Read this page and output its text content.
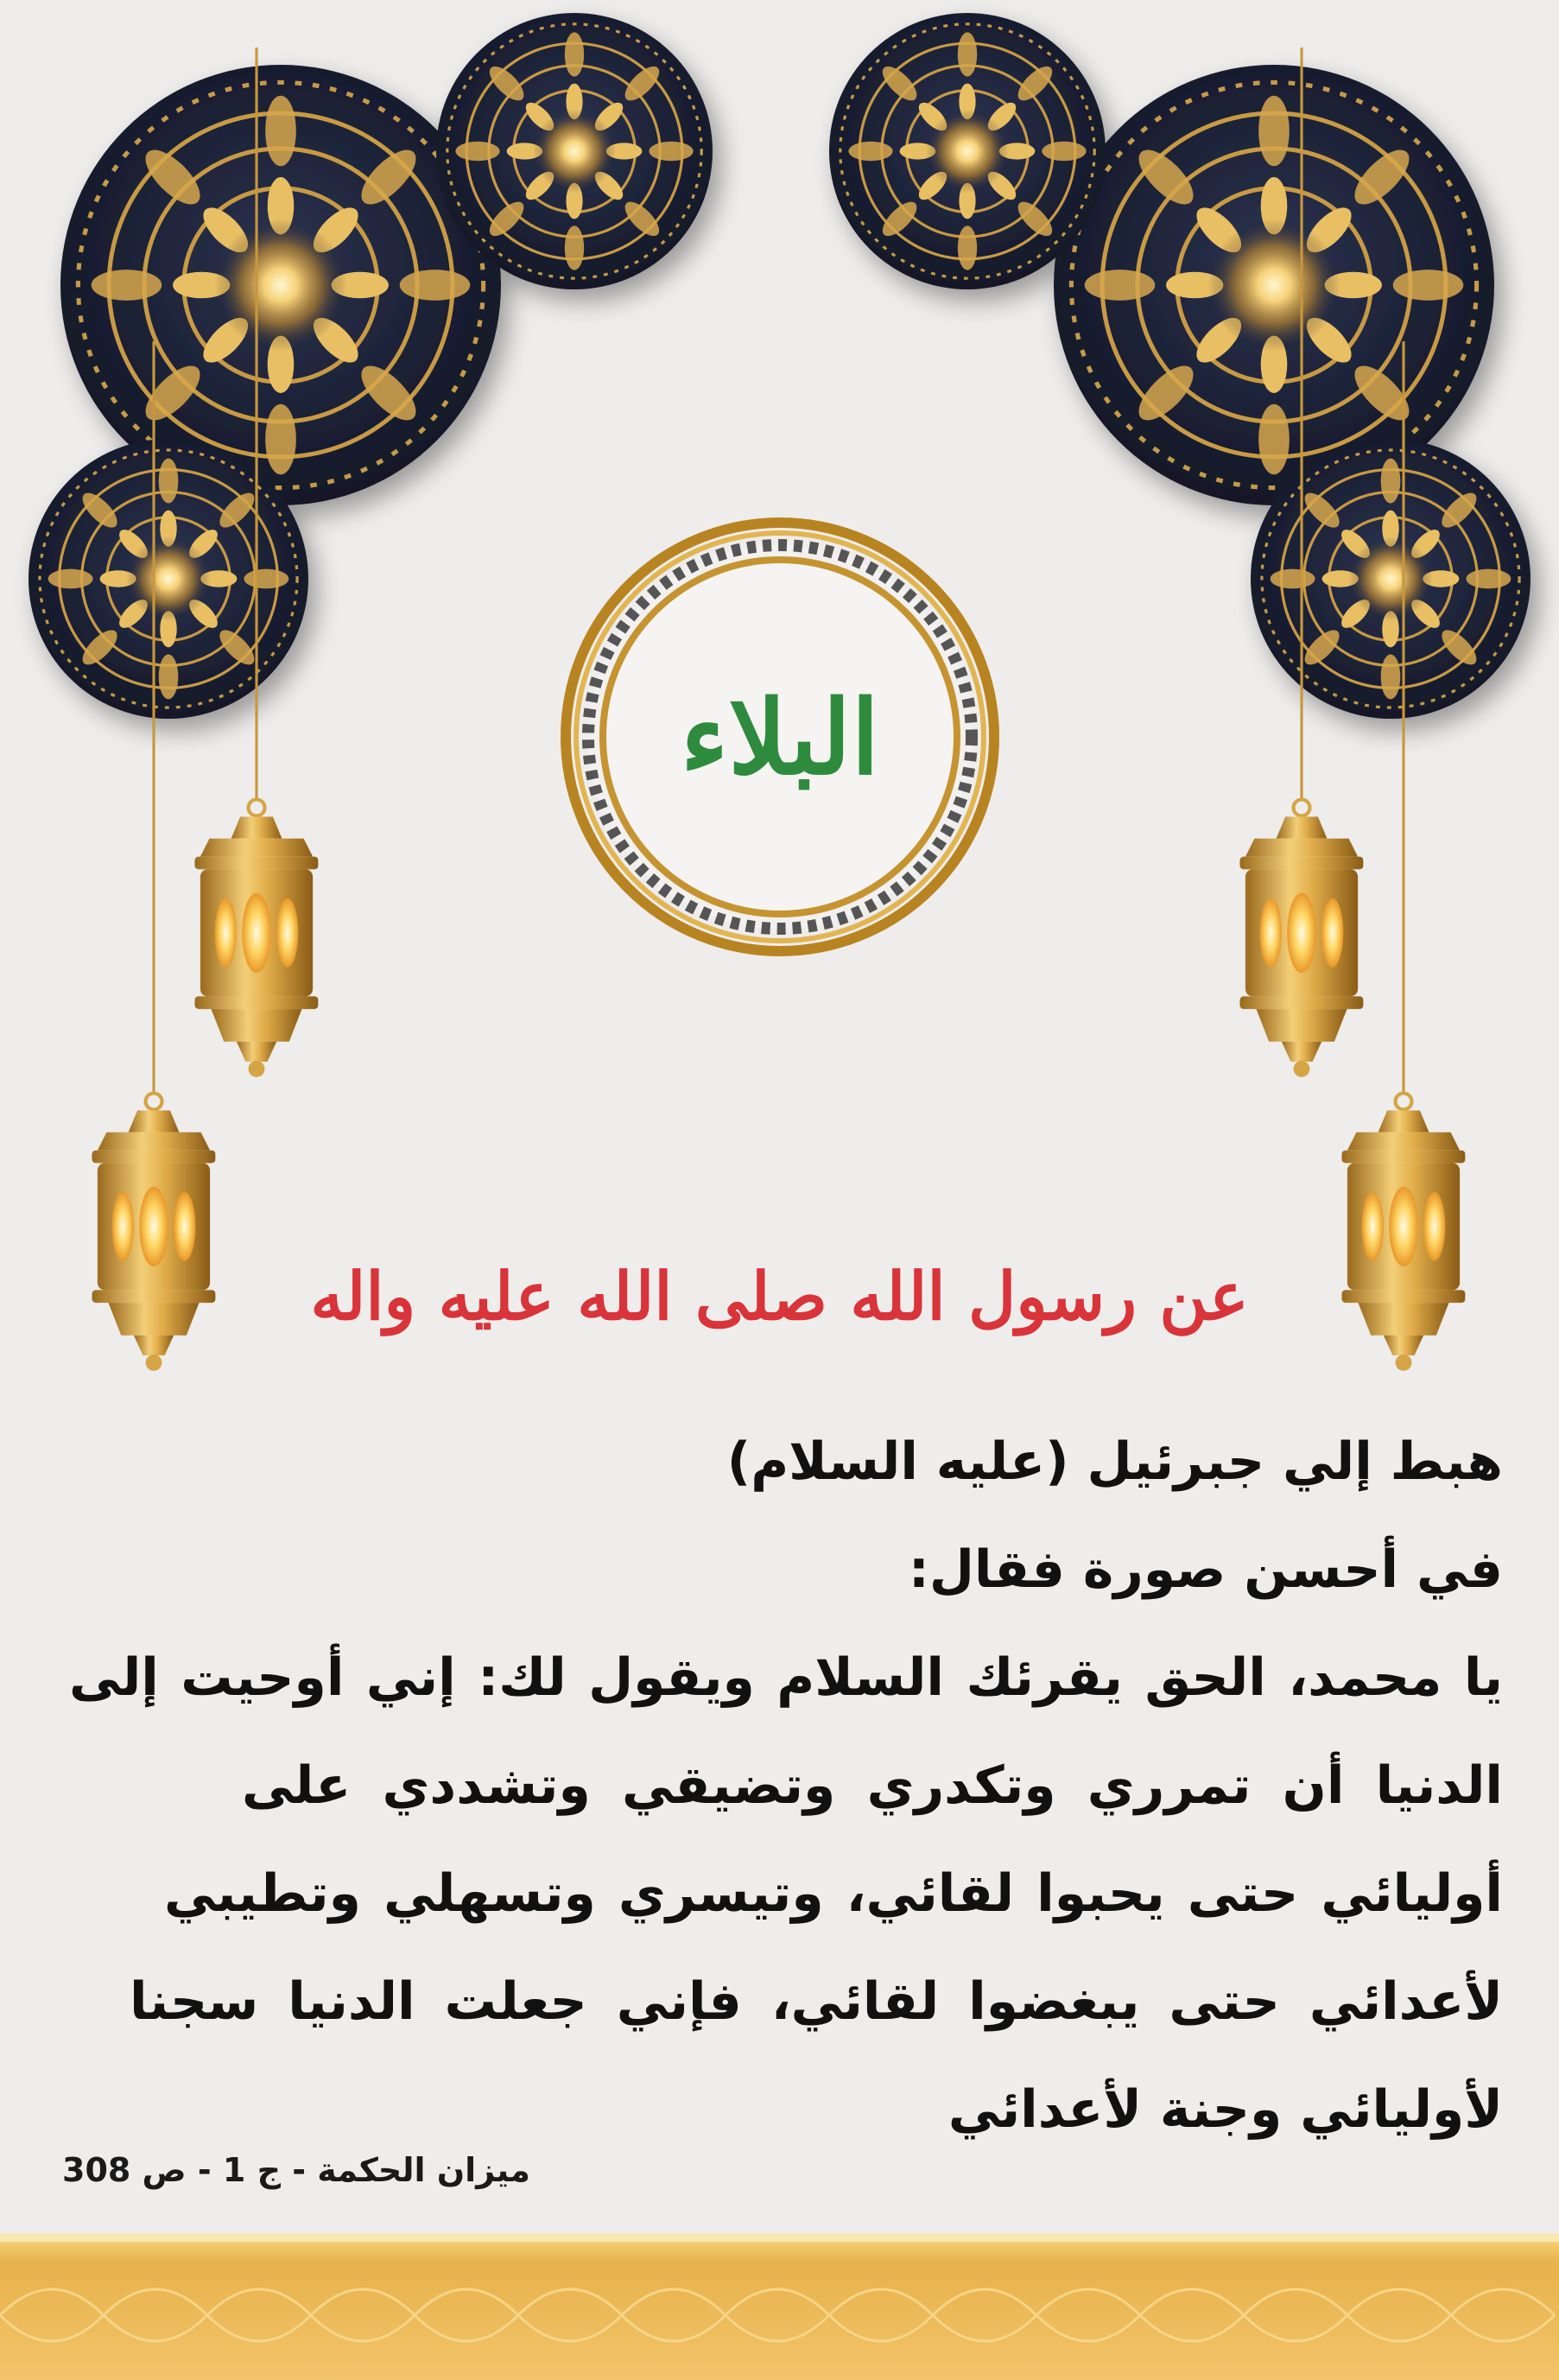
البلاء
عن رسول الله صلى الله عليه واله
هبط إلي جبرئيل (عليه السلام)
في أحسن صورة فقال:
يا محمد، الحق يقرئك السلام ويقول لك: إني أوحيت إلى
الدنيا أن تمرري وتكدري وتضيقي وتشددي على
أوليائي حتى يحبوا لقائي، وتيسري وتسهلي وتطيبي
لأعدائي حتى يبغضوا لقائي، فإني جعلت الدنيا سجنا
لأوليائي وجنة لأعدائي
ميزان الحكمة - ج 1 - ص 308
